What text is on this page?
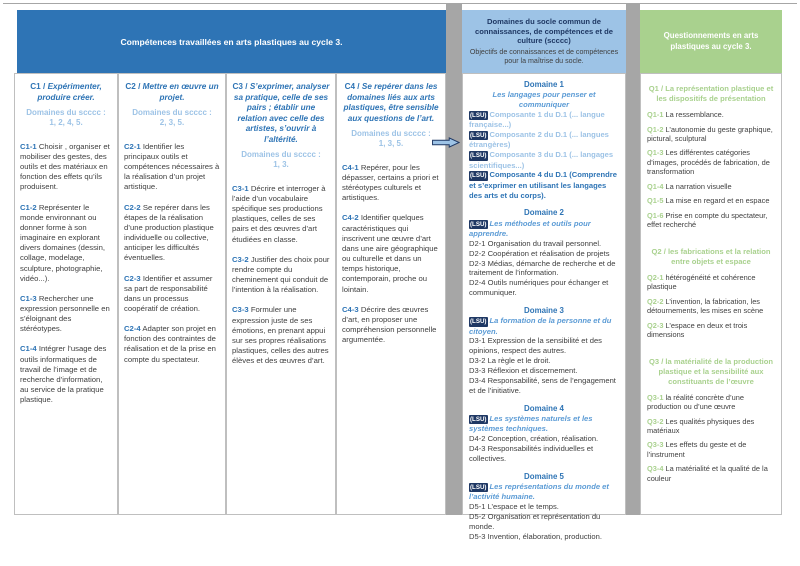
Compétences travaillées en arts plastiques au cycle 3.
Domaines du socle commun de connaissances, de compétences et de culture (scccc)
Objectifs de connaissances et de compétences pour la maîtrise du socle.
Questionnements en arts plastiques au cycle 3.
Domaine 1
Les langages pour penser et communiquer
(LSU) Composante 1 du D.1 (... langue française...)
(LSU) Composante 2 du D.1 (... langues étrangères)
(LSU) Composante 3 du D.1 (... langages scientifiques...)
(LSU) Composante 4 du D.1 (Comprendre et s’exprimer en utilisant les langages des arts et du corps).
Domaine 2
(LSU) Les méthodes et outils pour apprendre.
D2-1 Organisation du travail personnel.
D2-2 Coopération et réalisation de projets
D2-3 Médias, démarche de recherche et de traitement de l’information.
D2-4 Outils numériques pour échanger et communiquer.
Domaine 3
(LSU) La formation de la personne et du citoyen.
D3-1 Expression de la sensibilité et des opinions, respect des autres.
D3-2 La règle et le droit.
D3-3 Réflexion et discernement.
D3-4 Responsabilité, sens de l’engagement et de l’initiative.
Domaine 4
(LSU) Les systèmes naturels et les systèmes techniques.
D4-2 Conception, création, réalisation.
D4-3 Responsabilités individuelles et collectives.
Domaine 5
(LSU) Les représentations du monde et l’activité humaine.
D5-1 L’espace et le temps.
D5-2 Organisation et représentation du monde.
D5-3 Invention, élaboration, production.
Q1 / La représentation plastique et les dispositifs de présentation
Q1-1 La ressemblance.
Q1-2 L’autonomie du geste graphique, pictural, sculptural
Q1-3 Les différentes catégories d’images, procédés de fabrication, de transformation
Q1-4 La narration visuelle
Q1-5 La mise en regard et en espace
Q1-6 Prise en compte du spectateur, effet recherché
Q2 / les fabrications et la relation entre objets et espace
Q2-1 hétérogénéité et cohérence plastique
Q2-2 L’invention, la fabrication, les détournements, les mises en scène
Q2-3 L’espace en deux et trois dimensions
Q3 / la matérialité de la production plastique et la sensibilité aux constituants de l’œuvre
Q3-1 la réalité concrète d’une production ou d’une œuvre
Q3-2 Les qualités physiques des matériaux
Q3-3 Les effets du geste et de l’instrument
Q3-4 La matérialité et la qualité de la couleur
C1 / Expérimenter, produire créer.
Domaines du scccc :
1, 2, 4, 5.
C1-1 Choisir , organiser et mobiliser des gestes, des outils et des matériaux en fonction des effets qu’ils produisent.
C1-2 Représenter le monde environnant ou donner forme à son imaginaire en explorant divers domaines (dessin, collage, modelage, sculpture, photographie, vidéo...).
C1-3 Rechercher une expression personnelle en s’éloignant des stéréotypes.
C1-4 Intégrer l’usage des outils informatiques de travail de l’image et de recherche d’information, au service de la pratique plastique.
C2 / Mettre en œuvre un projet.
Domaines du scccc :
2, 3, 5.
C2-1 Identifier les principaux outils et compétences nécessaires à la réalisation d’un projet artistique.
C2-2 Se repérer dans les étapes de la réalisation d’une production plastique individuelle ou collective, anticiper les difficultés éventuelles.
C2-3 Identifier et assumer sa part de responsabilité dans un processus coopératif de création.
C2-4 Adapter son projet en fonction des contraintes de réalisation et de la prise en compte du spectateur.
C3 / S’exprimer, analyser sa pratique, celle de ses pairs ; établir une relation avec celle des artistes, s’ouvrir à l’altérité.
Domaines du scccc :
1, 3.
C3-1 Décrire et interroger à l’aide d’un vocabulaire spécifique ses productions plastiques, celles de ses pairs et des œuvres d’art étudiées en classe.
C3-2 Justifier des choix pour rendre compte du cheminement qui conduit de l’intention à la réalisation.
C3-3 Formuler une expression juste de ses émotions, en prenant appui sur ses propres réalisations plastiques, celles des autres élèves et des œuvres d’art.
C4 / Se repérer dans les domaines liés aux arts plastiques, être sensible aux questions de l’art.
Domaines du scccc :
1, 3, 5.
C4-1 Repérer, pour les dépasser, certains a priori et stéréotypes culturels et artistiques.
C4-2 Identifier quelques caractéristiques qui inscrivent une œuvre d’art dans une aire géographique ou culturelle et dans un temps historique, contemporain, proche ou lointain.
C4-3 Décrire des œuvres d’art, en proposer une compréhension personnelle argumentée.
